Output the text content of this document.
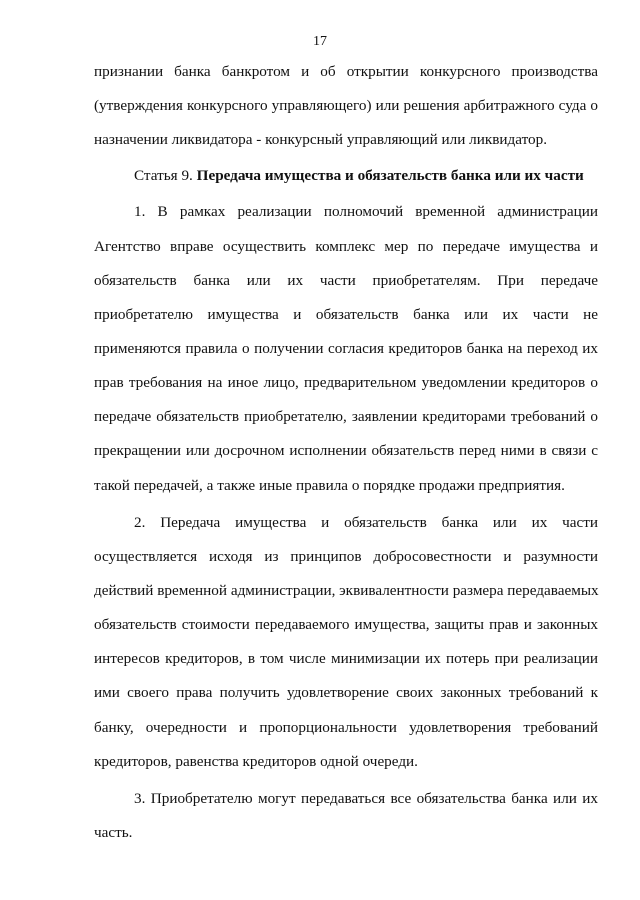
17
признании банка банкротом и об открытии конкурсного производства
(утверждения конкурсного управляющего) или решения арбитражного суда о
назначении ликвидатора - конкурсный управляющий или ликвидатор.
Статья 9. Передача имущества и обязательств банка или их части
1. В рамках реализации полномочий временной администрации
Агентство вправе осуществить комплекс мер по передаче имущества и
обязательств банка или их части приобретателям. При передаче
приобретателю имущества и обязательств банка или их части не
применяются правила о получении согласия кредиторов банка на переход их
прав требования на иное лицо, предварительном уведомлении кредиторов о
передаче обязательств приобретателю, заявлении кредиторами требований о
прекращении или досрочном исполнении обязательств перед ними в связи с
такой передачей, а также иные правила о порядке продажи предприятия.
2. Передача имущества и обязательств банка или их части
осуществляется исходя из принципов добросовестности и разумности
действий временной администрации, эквивалентности размера передаваемых
обязательств стоимости передаваемого имущества, защиты прав и законных
интересов кредиторов, в том числе минимизации их потерь при реализации
ими своего права получить удовлетворение своих законных требований к
банку, очередности и пропорциональности удовлетворения требований
кредиторов, равенства кредиторов одной очереди.
3. Приобретателю могут передаваться все обязательства банка или их
часть.
